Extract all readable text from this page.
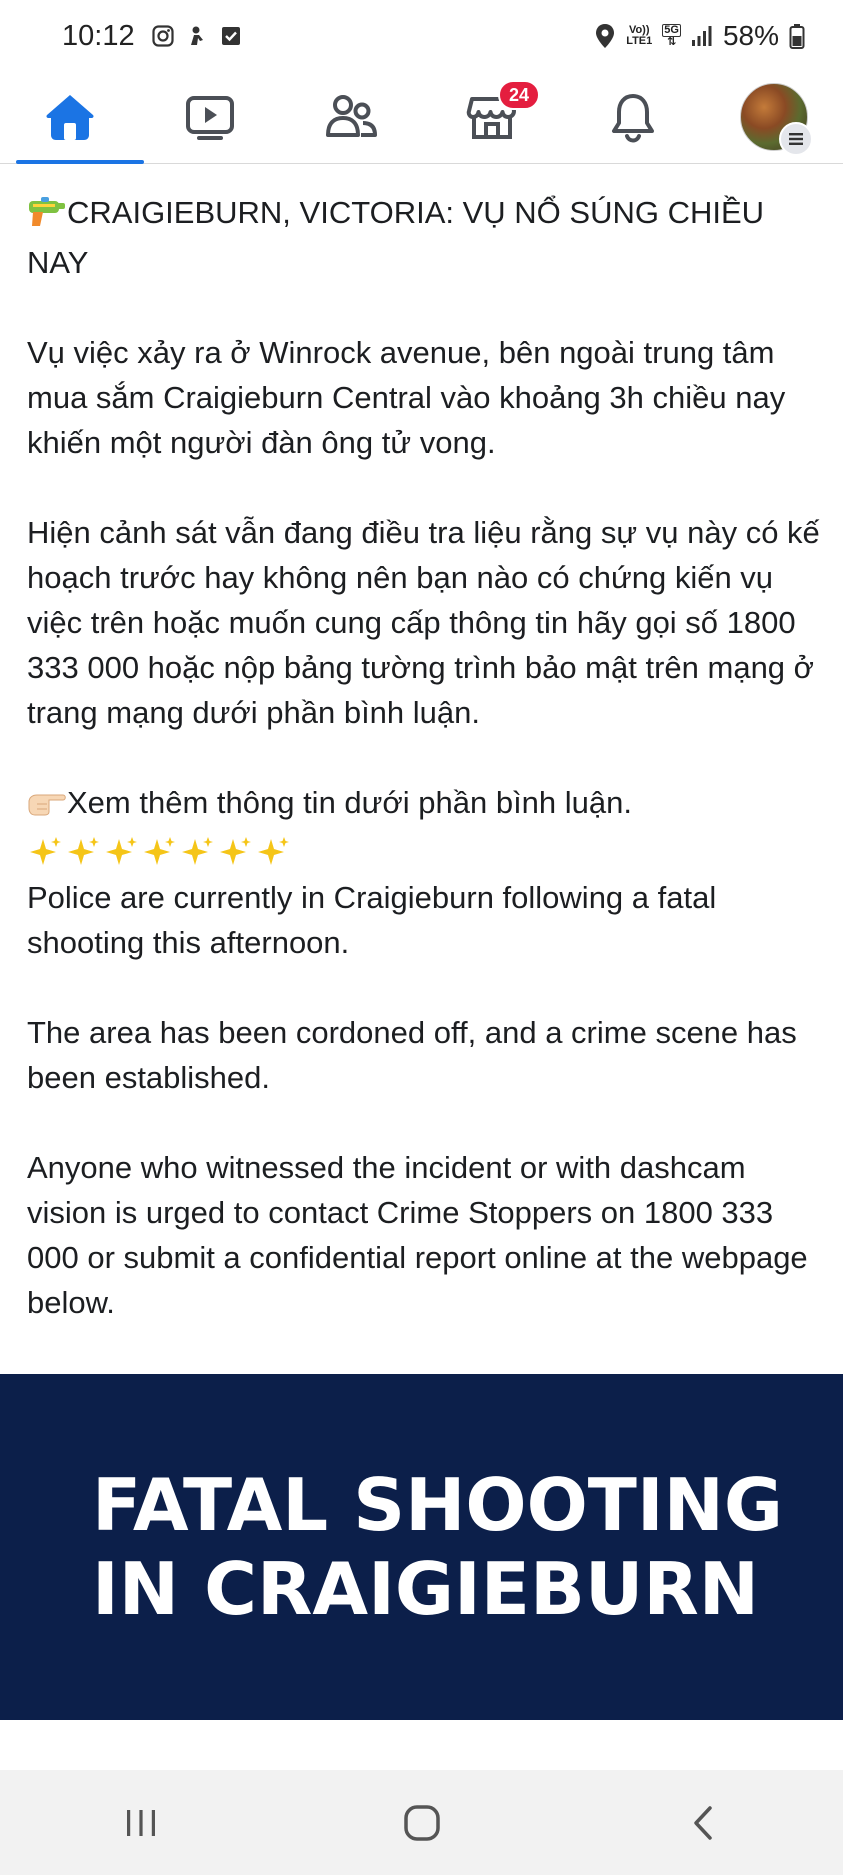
10:12	Vo))
LTE1
5G
⇅ 58%
24

CRAIGIEBURN, VICTORIA: VỤ NỔ SÚNG CHIỀU NAY

Vụ việc xảy ra ở Winrock avenue, bên ngoài trung tâm mua sắm Craigieburn Central vào khoảng 3h chiều nay khiến một người đàn ông tử vong.

Hiện cảnh sát vẫn đang điều tra liệu rằng sự vụ này có kế hoạch trước hay không nên bạn nào có chứng kiến vụ việc trên hoặc muốn cung cấp thông tin hãy gọi số 1800 333 000 hoặc nộp bảng tường trình bảo mật trên mạng ở trang mạng dưới phần bình luận.

Xem thêm thông tin dưới phần bình luận.

Police are currently in Craigieburn following a fatal shooting this afternoon.

The area has been cordoned off, and a crime scene has been established.

Anyone who witnessed the incident or with dashcam vision is urged to contact Crime Stoppers on 1800 333 000 or submit a confidential report online at the webpage below.

FATAL SHOOTING
IN CRAIGIEBURN
